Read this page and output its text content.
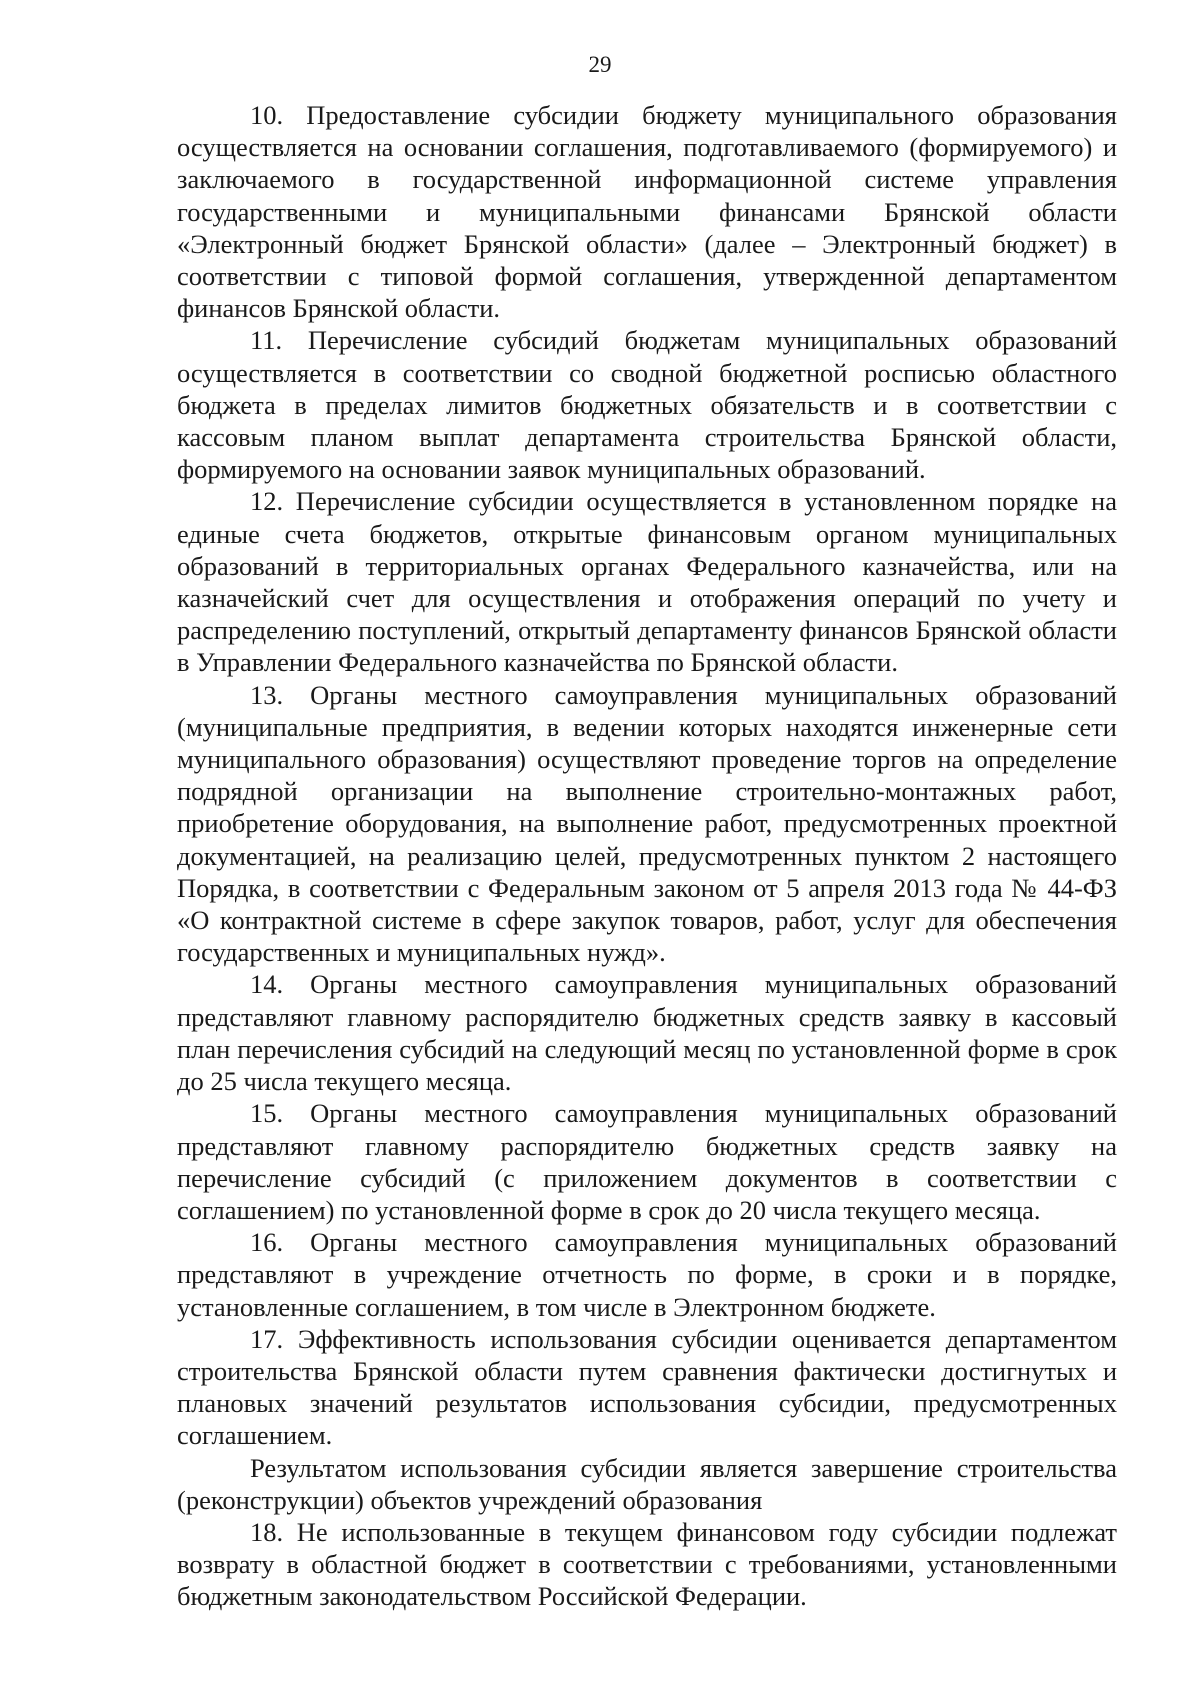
29

10. Предоставление субсидии бюджету муниципального образования осуществляется на основании соглашения, подготавливаемого (формируемого) и заключаемого в государственной информационной системе управления государственными и муниципальными финансами Брянской области «Электронный бюджет Брянской области» (далее – Электронный бюджет) в соответствии с типовой формой соглашения, утвержденной департаментом финансов Брянской области.

11. Перечисление субсидий бюджетам муниципальных образований осуществляется в соответствии со сводной бюджетной росписью областного бюджета в пределах лимитов бюджетных обязательств и в соответствии с кассовым планом выплат департамента строительства Брянской области, формируемого на основании заявок муниципальных образований.

12. Перечисление субсидии осуществляется в установленном порядке на единые счета бюджетов, открытые финансовым органом муниципальных образований в территориальных органах Федерального казначейства, или на казначейский счет для осуществления и отображения операций по учету и распределению поступлений, открытый департаменту финансов Брянской области в Управлении Федерального казначейства по Брянской области.

13. Органы местного самоуправления муниципальных образований (муниципальные предприятия, в ведении которых находятся инженерные сети муниципального образования) осуществляют проведение торгов на определение подрядной организации на выполнение строительно-монтажных работ, приобретение оборудования, на выполнение работ, предусмотренных проектной документацией, на реализацию целей, предусмотренных пунктом 2 настоящего Порядка, в соответствии с Федеральным законом от 5 апреля 2013 года № 44-ФЗ «О контрактной системе в сфере закупок товаров, работ, услуг для обеспечения государственных и муниципальных нужд».

14. Органы местного самоуправления муниципальных образований представляют главному распорядителю бюджетных средств заявку в кассовый план перечисления субсидий на следующий месяц по установленной форме в срок до 25 числа текущего месяца.

15. Органы местного самоуправления муниципальных образований представляют главному распорядителю бюджетных средств заявку на перечисление субсидий (с приложением документов в соответствии с соглашением) по установленной форме в срок до 20 числа текущего месяца.

16. Органы местного самоуправления муниципальных образований представляют в учреждение отчетность по форме, в сроки и в порядке, установленные соглашением, в том числе в Электронном бюджете.

17. Эффективность использования субсидии оценивается департаментом строительства Брянской области путем сравнения фактически достигнутых и плановых значений результатов использования субсидии, предусмотренных соглашением.

Результатом использования субсидии является завершение строительства (реконструкции) объектов учреждений образования

18. Не использованные в текущем финансовом году субсидии подлежат возврату в областной бюджет в соответствии с требованиями, установленными бюджетным законодательством Российской Федерации.
